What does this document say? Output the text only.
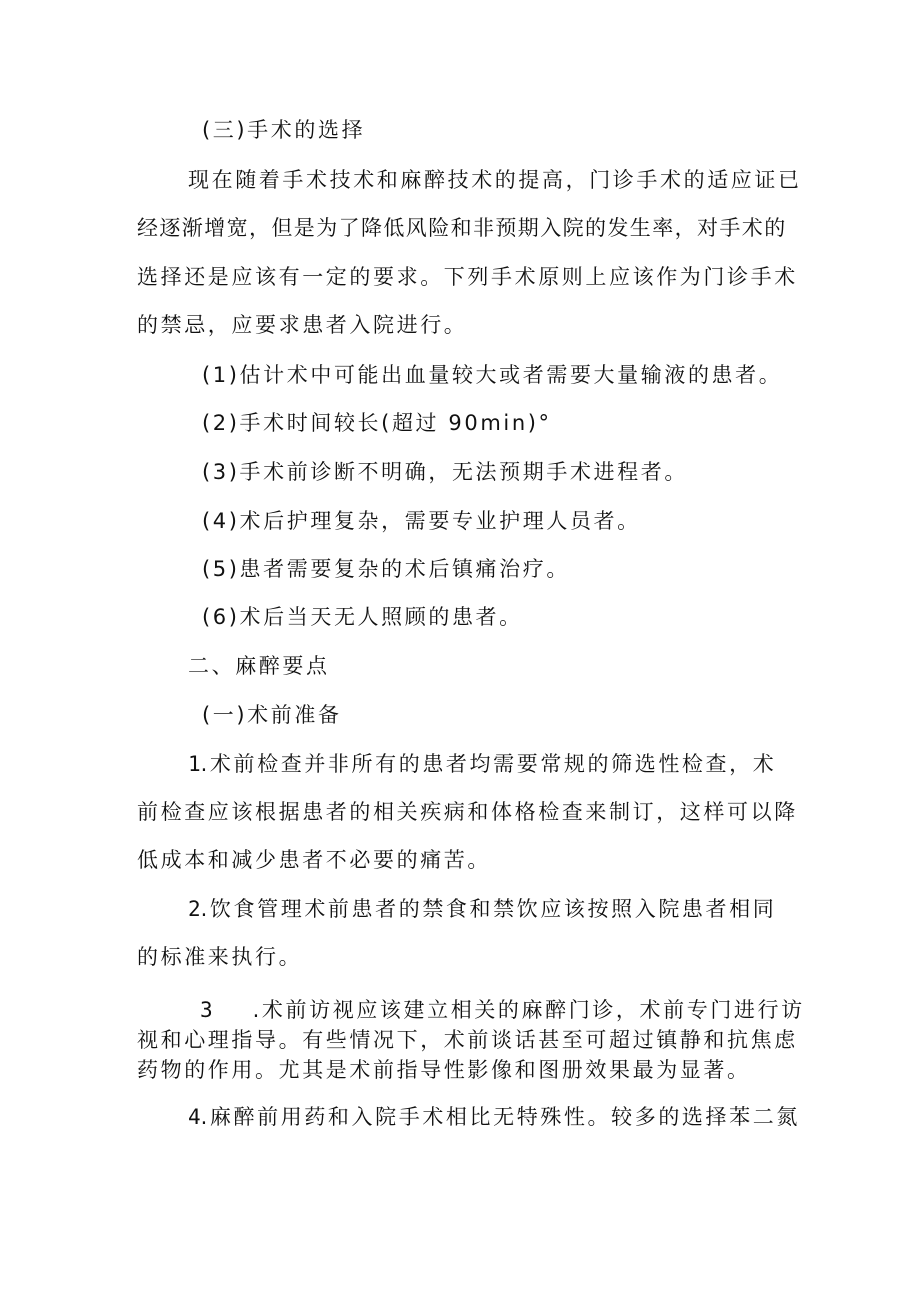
(三)手术的选择
现在随着手术技术和麻醉技术的提高，门诊手术的适应证已
经逐渐增宽，但是为了降低风险和非预期入院的发生率，对手术的
选择还是应该有一定的要求。下列手术原则上应该作为门诊手术
的禁忌，应要求患者入院进行。
(1)估计术中可能出血量较大或者需要大量输液的患者。
(2)手术时间较长(超过 90min)°
(3)手术前诊断不明确，无法预期手术进程者。
(4)术后护理复杂，需要专业护理人员者。
(5)患者需要复杂的术后镇痛治疗。
(6)术后当天无人照顾的患者。
二、麻醉要点
(一)术前准备
1.术前检查并非所有的患者均需要常规的筛选性检查，术
前检查应该根据患者的相关疾病和体格检查来制订，这样可以降
低成本和减少患者不必要的痛苦。
2.饮食管理术前患者的禁食和禁饮应该按照入院患者相同
的标准来执行。
3 .术前访视应该建立相关的麻醉门诊，术前专门进行访
视和心理指导。有些情况下，术前谈话甚至可超过镇静和抗焦虑
药物的作用。尤其是术前指导性影像和图册效果最为显著。
4.麻醉前用药和入院手术相比无特殊性。较多的选择苯二氮
